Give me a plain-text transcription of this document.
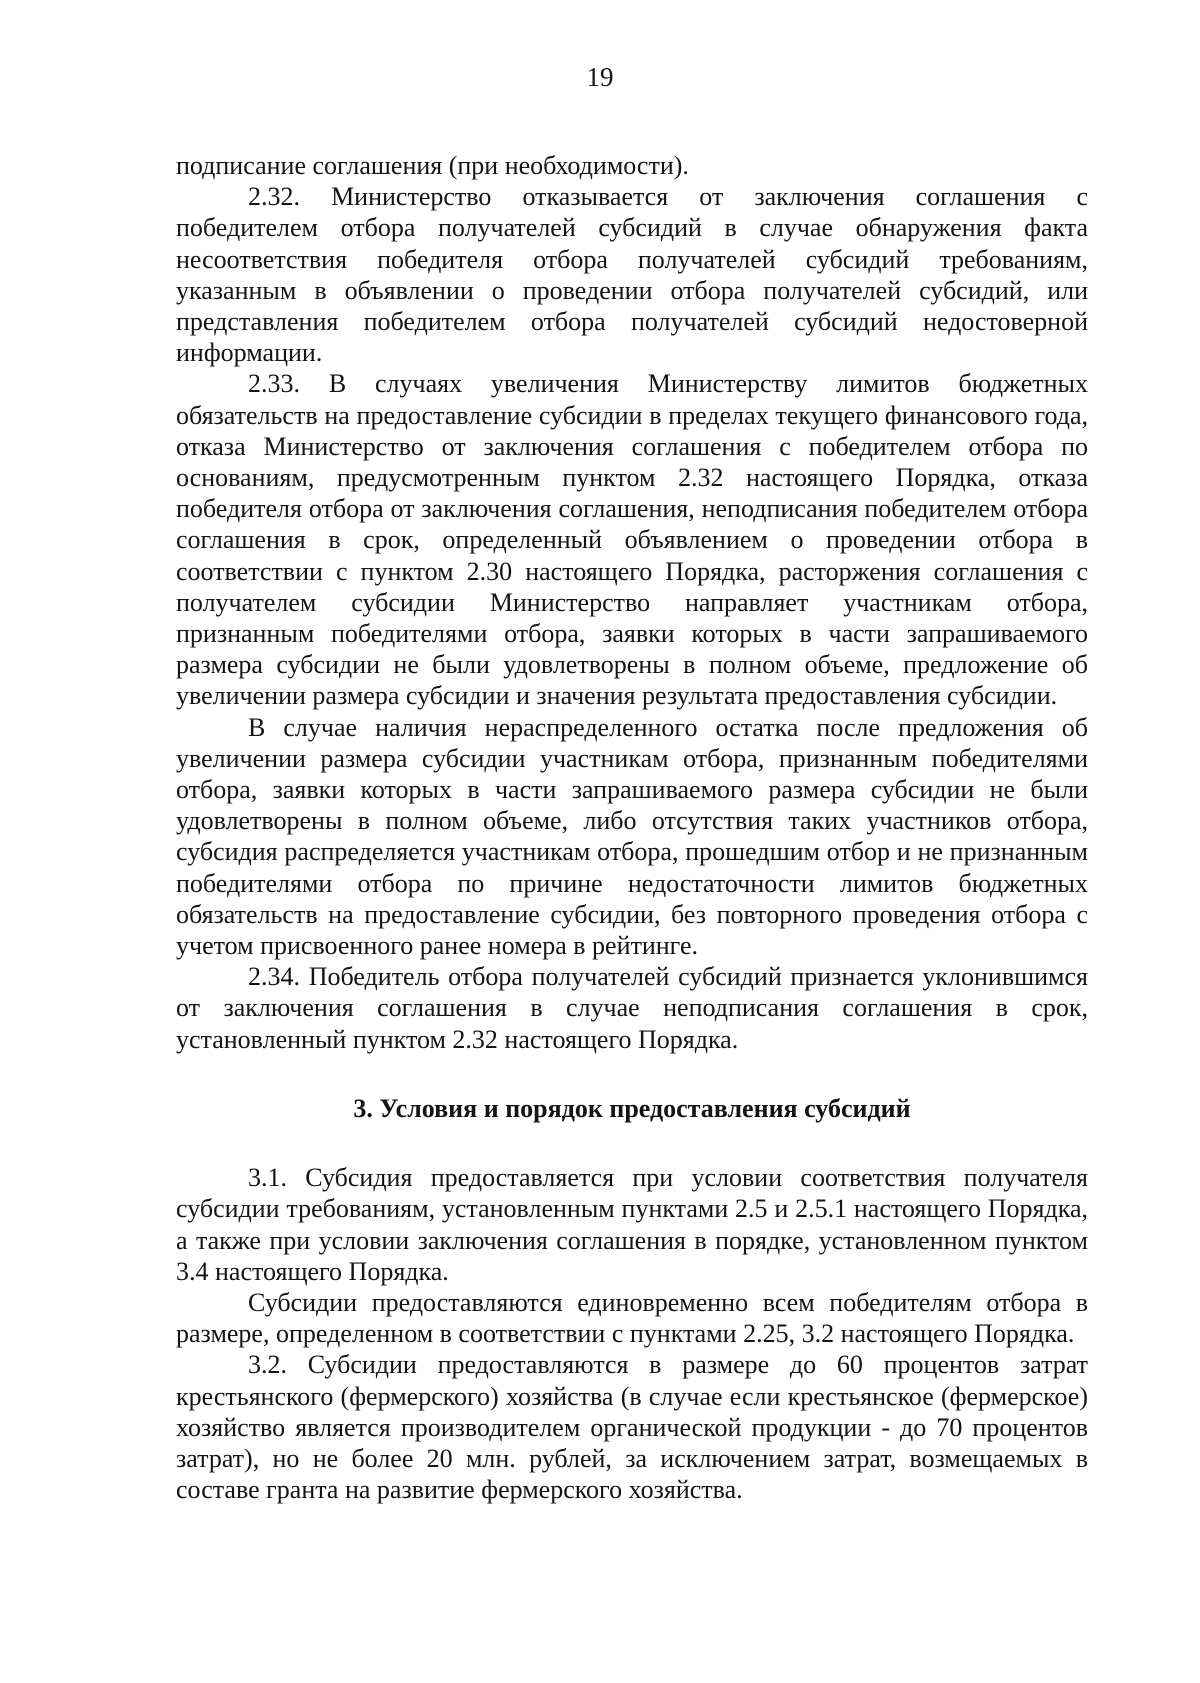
19

подписание соглашения (при необходимости).

2.32. Министерство отказывается от заключения соглашения с победителем отбора получателей субсидий в случае обнаружения факта несоответствия победителя отбора получателей субсидий требованиям, указанным в объявлении о проведении отбора получателей субсидий, или представления победителем отбора получателей субсидий недостоверной информации.

2.33. В случаях увеличения Министерству лимитов бюджетных обязательств на предоставление субсидии в пределах текущего финансового года, отказа Министерство от заключения соглашения с победителем отбора по основаниям, предусмотренным пунктом 2.32 настоящего Порядка, отказа победителя отбора от заключения соглашения, неподписания победителем отбора соглашения в срок, определенный объявлением о проведении отбора в соответствии с пунктом 2.30 настоящего Порядка, расторжения соглашения с получателем субсидии Министерство направляет участникам отбора, признанным победителями отбора, заявки которых в части запрашиваемого размера субсидии не были удовлетворены в полном объеме, предложение об увеличении размера субсидии и значения результата предоставления субсидии.

В случае наличия нераспределенного остатка после предложения об увеличении размера субсидии участникам отбора, признанным победителями отбора, заявки которых в части запрашиваемого размера субсидии не были удовлетворены в полном объеме, либо отсутствия таких участников отбора, субсидия распределяется участникам отбора, прошедшим отбор и не признанным победителями отбора по причине недостаточности лимитов бюджетных обязательств на предоставление субсидии, без повторного проведения отбора с учетом присвоенного ранее номера в рейтинге.

2.34. Победитель отбора получателей субсидий признается уклонившимся от заключения соглашения в случае неподписания соглашения в срок, установленный пунктом 2.32 настоящего Порядка.

3. Условия и порядок предоставления субсидий

3.1. Субсидия предоставляется при условии соответствия получателя субсидии требованиям, установленным пунктами 2.5 и 2.5.1 настоящего Порядка, а также при условии заключения соглашения в порядке, установленном пунктом 3.4 настоящего Порядка.

Субсидии предоставляются единовременно всем победителям отбора в размере, определенном в соответствии с пунктами 2.25, 3.2 настоящего Порядка.

3.2. Субсидии предоставляются в размере до 60 процентов затрат крестьянского (фермерского) хозяйства (в случае если крестьянское (фермерское) хозяйство является производителем органической продукции - до 70 процентов затрат), но не более 20 млн. рублей, за исключением затрат, возмещаемых в составе гранта на развитие фермерского хозяйства.
